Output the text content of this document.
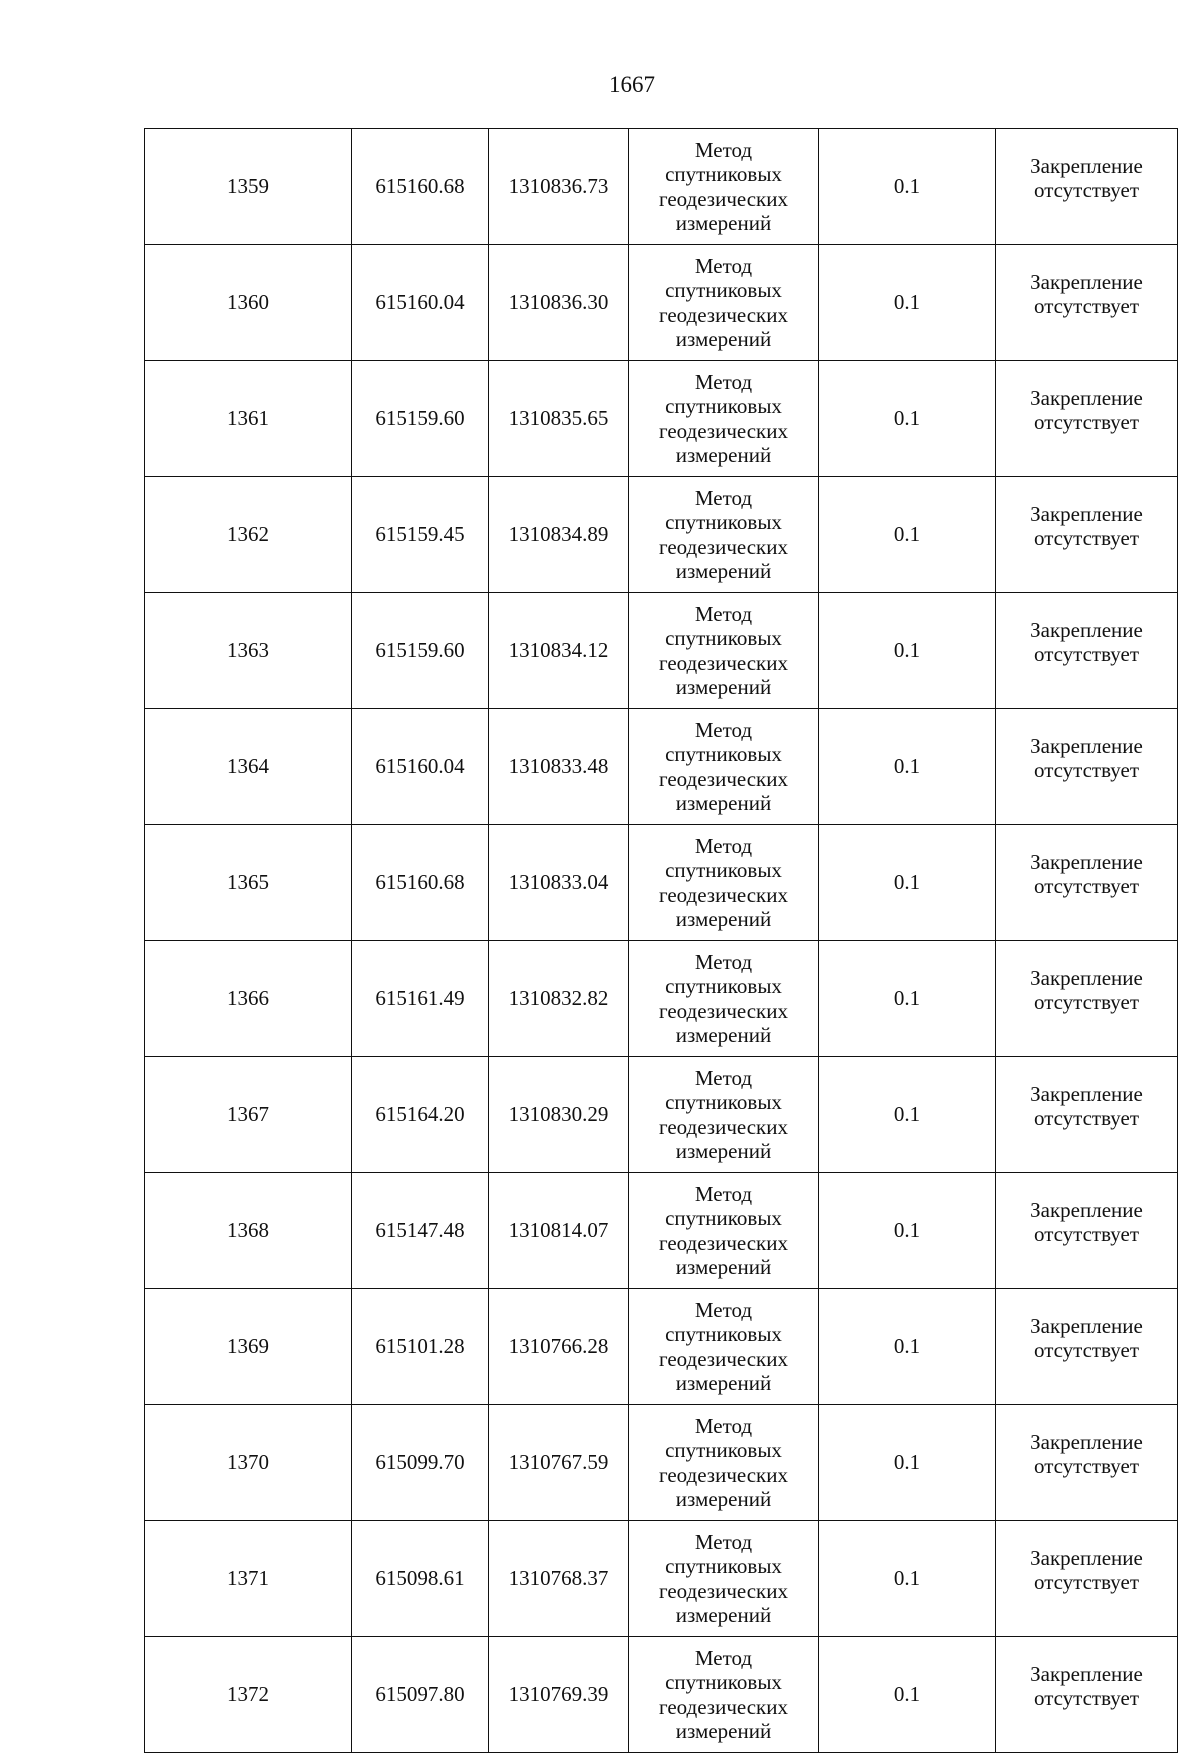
1667
1359	615160.68	1310836.73	Метод
спутниковых
геодезических
измерений	0.1	Закрепление
отсутствует

1360	615160.04	1310836.30	Метод
спутниковых
геодезических
измерений	0.1	Закрепление
отсутствует

1361	615159.60	1310835.65	Метод
спутниковых
геодезических
измерений	0.1	Закрепление
отсутствует

1362	615159.45	1310834.89	Метод
спутниковых
геодезических
измерений	0.1	Закрепление
отсутствует

1363	615159.60	1310834.12	Метод
спутниковых
геодезических
измерений	0.1	Закрепление
отсутствует

1364	615160.04	1310833.48	Метод
спутниковых
геодезических
измерений	0.1	Закрепление
отсутствует

1365	615160.68	1310833.04	Метод
спутниковых
геодезических
измерений	0.1	Закрепление
отсутствует

1366	615161.49	1310832.82	Метод
спутниковых
геодезических
измерений	0.1	Закрепление
отсутствует

1367	615164.20	1310830.29	Метод
спутниковых
геодезических
измерений	0.1	Закрепление
отсутствует

1368	615147.48	1310814.07	Метод
спутниковых
геодезических
измерений	0.1	Закрепление
отсутствует

1369	615101.28	1310766.28	Метод
спутниковых
геодезических
измерений	0.1	Закрепление
отсутствует

1370	615099.70	1310767.59	Метод
спутниковых
геодезических
измерений	0.1	Закрепление
отсутствует

1371	615098.61	1310768.37	Метод
спутниковых
геодезических
измерений	0.1	Закрепление
отсутствует

1372	615097.80	1310769.39	Метод
спутниковых
геодезических
измерений	0.1	Закрепление
отсутствует
